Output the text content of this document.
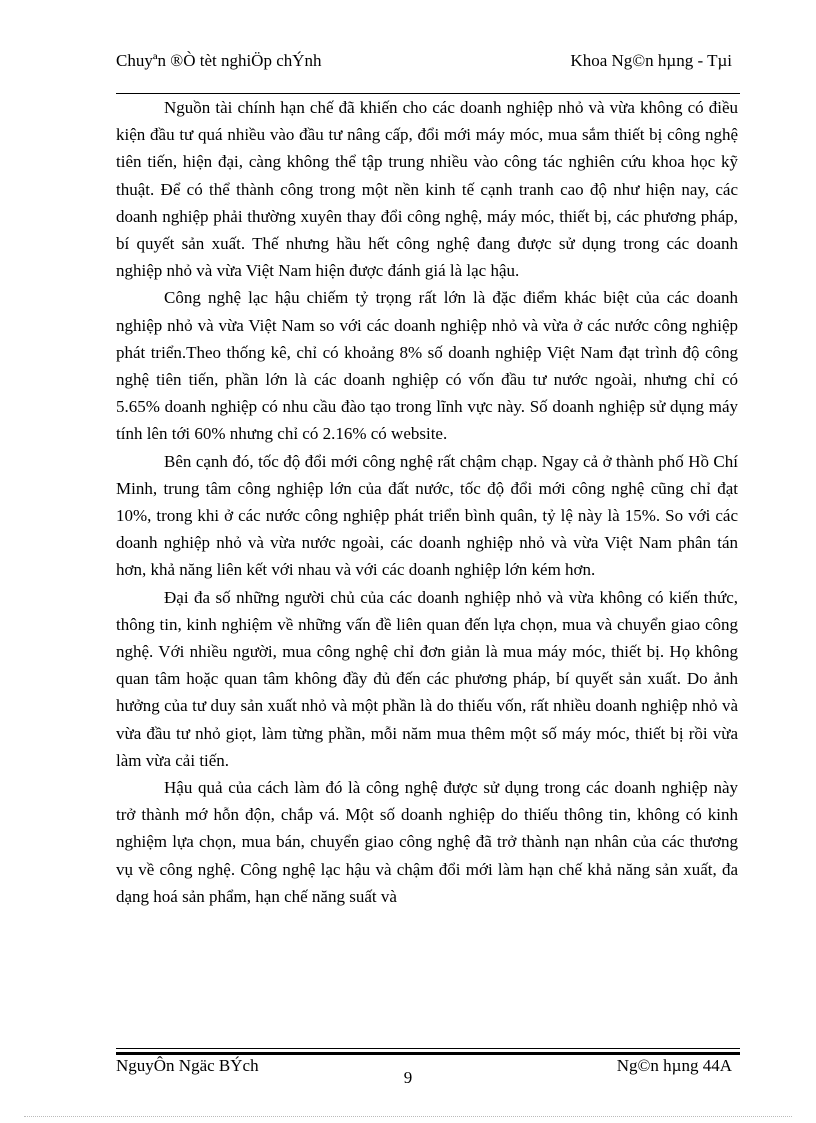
Chuyªn ®Ò tèt nghiÖp chÝnh	Khoa Ng©n hµng - Tµi

Nguồn tài chính hạn chế đã khiến cho các doanh nghiệp nhỏ và vừa không có điều kiện đầu tư quá nhiều vào đầu tư nâng cấp, đổi mới máy móc, mua sắm thiết bị công nghệ tiên tiến, hiện đại, càng không thể tập trung nhiều vào công tác nghiên cứu khoa học kỹ thuật. Để có thể thành công trong một nền kinh tế cạnh tranh cao độ như hiện nay, các doanh nghiệp phải thường xuyên thay đổi công nghệ, máy móc, thiết bị, các phương pháp, bí quyết sản xuất. Thế nhưng hầu hết công nghệ đang được sử dụng trong các doanh nghiệp nhỏ và vừa Việt Nam hiện được đánh giá là lạc hậu.

Công nghệ lạc hậu chiếm tỷ trọng rất lớn là đặc điểm khác biệt của các doanh nghiệp nhỏ và vừa Việt Nam so với các doanh nghiệp nhỏ và vừa ở các nước công nghiệp phát triển.Theo thống kê, chỉ có khoảng 8% số doanh nghiệp Việt Nam đạt trình độ công nghệ tiên tiến, phần lớn là các doanh nghiệp có vốn đầu tư nước ngoài, nhưng chỉ có 5.65% doanh nghiệp có nhu cầu đào tạo trong lĩnh vực này. Số doanh nghiệp sử dụng máy tính lên tới 60% nhưng chỉ có 2.16% có website.

Bên cạnh đó, tốc độ đổi mới công nghệ rất chậm chạp. Ngay cả ở thành phố Hồ Chí Minh, trung tâm công nghiệp lớn của đất nước, tốc độ đổi mới công nghệ cũng chỉ đạt 10%, trong khi ở các nước công nghiệp phát triển bình quân, tỷ lệ này là 15%. So với các doanh nghiệp nhỏ và vừa nước ngoài, các doanh nghiệp nhỏ và vừa Việt Nam phân tán hơn, khả năng liên kết với nhau và với các doanh nghiệp lớn kém hơn.

Đại đa số những người chủ của các doanh nghiệp nhỏ và vừa không có kiến thức, thông tin, kinh nghiệm về những vấn đề liên quan đến lựa chọn, mua và chuyển giao công nghệ. Với nhiều người, mua công nghệ chỉ đơn giản là mua máy móc, thiết bị. Họ không quan tâm hoặc quan tâm không đầy đủ đến các phương pháp, bí quyết sản xuất. Do ảnh hưởng của tư duy sản xuất nhỏ và một phần là do thiếu vốn, rất nhiều doanh nghiệp nhỏ và vừa đầu tư nhỏ giọt, làm từng phần, mỗi năm mua thêm một số máy móc, thiết bị rồi vừa làm vừa cải tiến.

Hậu quả của cách làm đó là công nghệ được sử dụng trong các doanh nghiệp này trở thành mớ hỗn độn, chắp vá. Một số doanh nghiệp do thiếu thông tin, không có kinh nghiệm lựa chọn, mua bán, chuyển giao công nghệ đã trở thành nạn nhân của các thương vụ về công nghệ. Công nghệ lạc hậu và chậm đổi mới làm hạn chế khả năng sản xuất, đa dạng hoá sản phẩm, hạn chế năng suất và

NguyÔn Ngäc BÝch
9
Ng©n hµng 44A
